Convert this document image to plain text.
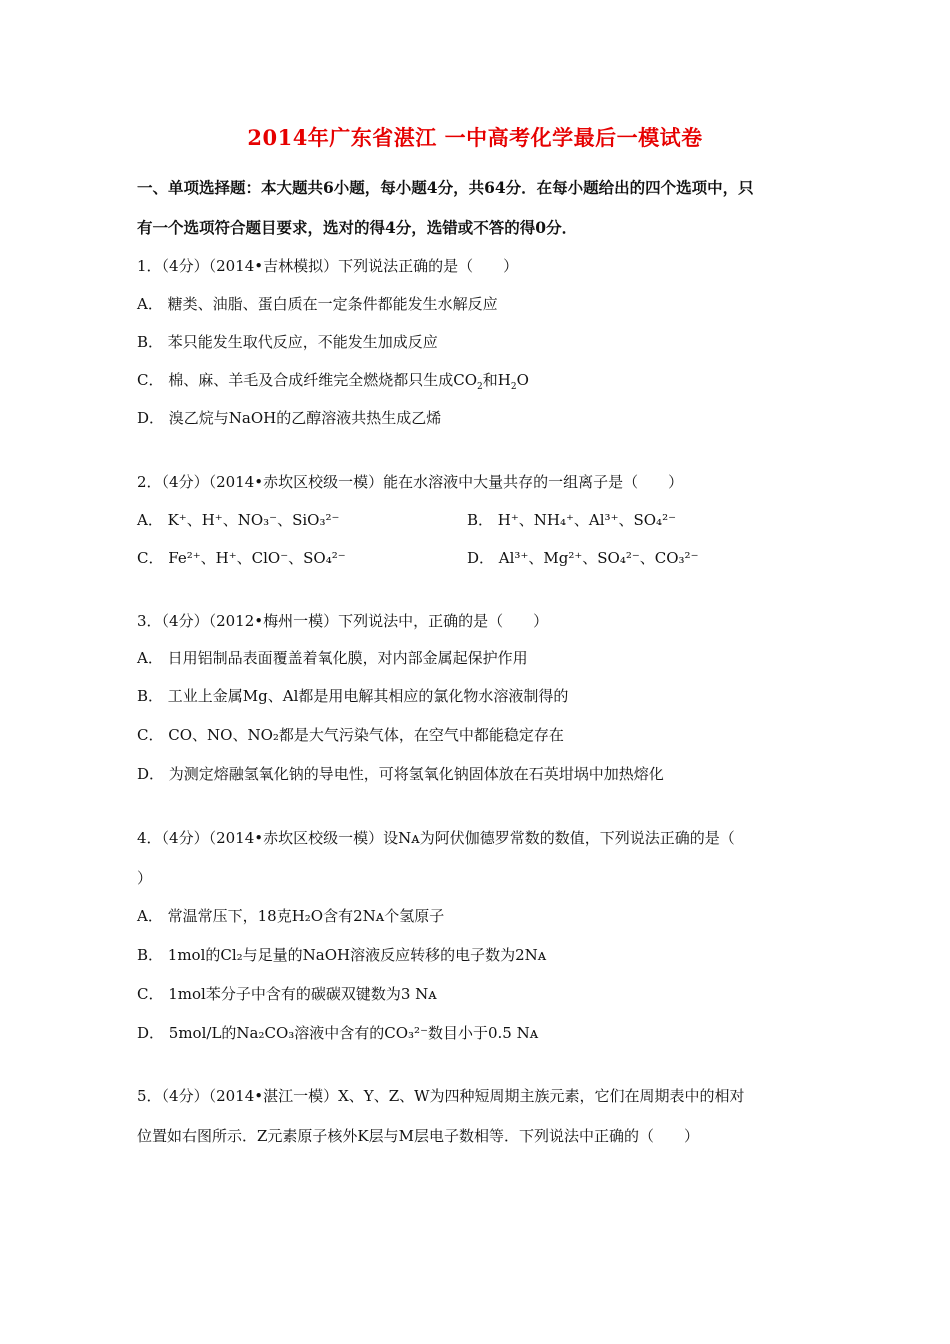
2014年广东省湛江 一中高考化学最后一模试卷
一、单项选择题：本大题共6小题，每小题4分，共64分．在每小题给出的四个选项中，只
有一个选项符合题目要求，选对的得4分，选错或不答的得0分．
1．（4分）（2014•吉林模拟）下列说法正确的是（　　）
A． 糖类、油脂、蛋白质在一定条件都能发生水解反应
B． 苯只能发生取代反应，不能发生加成反应
C． 棉、麻、羊毛及合成纤维完全燃烧都只生成$CO_2$和$H_2O$
D． 溴乙烷与NaOH的乙醇溶液共热生成乙烯
2．（4分）（2014•赤坎区校级一模）能在水溶液中大量共存的一组离子是（　　）
A． K⁺、H⁺、NO₃⁻、SiO₃²⁻	B． H⁺、NH₄⁺、Al³⁺、SO₄²⁻
C． Fe²⁺、H⁺、ClO⁻、SO₄²⁻	D． Al³⁺、Mg²⁺、SO₄²⁻、CO₃²⁻
3．（4分）（2012•梅州一模）下列说法中，正确的是（　　）
A． 日用铝制品表面覆盖着氧化膜，对内部金属起保护作用
B． 工业上金属Mg、Al都是用电解其相应的氯化物水溶液制得的
C． CO、NO、NO₂都是大气污染气体，在空气中都能稳定存在
D． 为测定熔融氢氧化钠的导电性，可将氢氧化钠固体放在石英坩埚中加热熔化
4．（4分）（2014•赤坎区校级一模）设Nᴀ为阿伏伽德罗常数的数值，下列说法正确的是（
）
A． 常温常压下，18克H₂O含有2Nᴀ个氢原子
B． 1mol的Cl₂与足量的NaOH溶液反应转移的电子数为2Nᴀ
C． 1mol苯分子中含有的碳碳双键数为3 Nᴀ
D． 5mol/L的Na₂CO₃溶液中含有的CO₃²⁻数目小于0.5 Nᴀ
5．（4分）（2014•湛江一模）X、Y、Z、W为四种短周期主族元素，它们在周期表中的相对
位置如右图所示．Z元素原子核外K层与M层电子数相等．下列说法中正确的（　　）
